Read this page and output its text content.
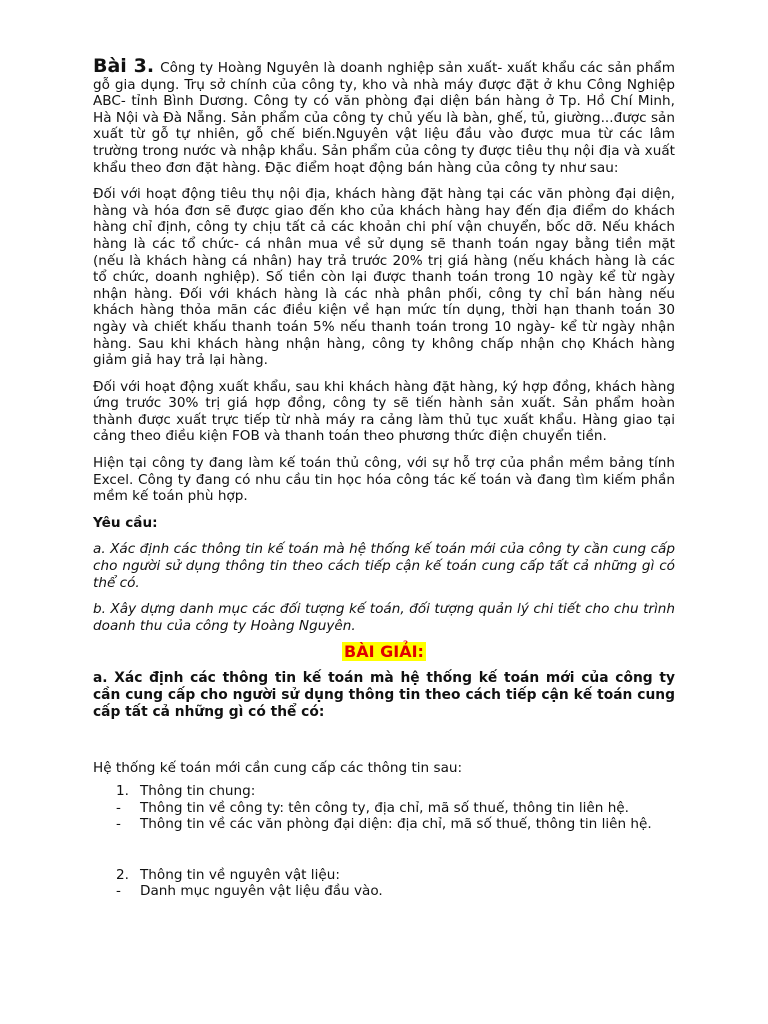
Bài 3. Công ty Hoàng Nguyên là doanh nghiệp sản xuất- xuất khẩu các sản phẩm gỗ gia dụng. Trụ sở chính của công ty, kho và nhà máy được đặt ở khu Công Nghiệp ABC- tỉnh Bình Dương. Công ty có văn phòng đại diện bán hàng ở Tp. Hồ Chí Minh, Hà Nội và Đà Nẵng. Sản phẩm của công ty chủ yếu là bàn, ghế, tủ, giường...được sản xuất từ gỗ tự nhiên, gỗ chế biến.Nguyên vật liệu đầu vào được mua từ các lâm trường trong nước và nhập khẩu. Sản phẩm của công ty được tiêu thụ nội địa và xuất khẩu theo đơn đặt hàng. Đặc điểm hoạt động bán hàng của công ty như sau:

Đối với hoạt động tiêu thụ nội địa, khách hàng đặt hàng tại các văn phòng đại diện, hàng và hóa đơn sẽ được giao đến kho của khách hàng hay đến địa điểm do khách hàng chỉ định, công ty chịu tất cả các khoản chi phí vận chuyển, bốc dỡ. Nếu khách hàng là các tổ chức- cá nhân mua về sử dụng sẽ thanh toán ngay bằng tiền mặt (nếu là khách hàng cá nhân) hay trả trước 20% trị giá hàng (nếu khách hàng là các tổ chức, doanh nghiệp). Số tiền còn lại được thanh toán trong 10 ngày kể từ ngày nhận hàng. Đối với khách hàng là các nhà phân phối, công ty chỉ bán hàng nếu khách hàng thỏa mãn các điều kiện về hạn mức tín dụng, thời hạn thanh toán 30 ngày và chiết khấu thanh toán 5% nếu thanh toán trong 10 ngày- kể từ ngày nhận hàng. Sau khi khách hàng nhận hàng, công ty không chấp nhận chọ Khách hàng giảm giả hay trả lại hàng.

Đối với hoạt động xuất khẩu, sau khi khách hàng đặt hàng, ký hợp đồng, khách hàng ứng trước 30% trị giá hợp đồng, công ty sẽ tiến hành sản xuất. Sản phẩm hoàn thành được xuất trực tiếp từ nhà máy ra cảng làm thủ tục xuất khẩu. Hàng giao tại cảng theo điều kiện FOB và thanh toán theo phương thức điện chuyển tiền.

Hiện tại công ty đang làm kế toán thủ công, với sự hỗ trợ của phần mềm bảng tính Excel. Công ty đang có nhu cầu tin học hóa công tác kế toán và đang tìm kiếm phần mềm kế toán phù hợp.

Yêu cầu:

a. Xác định các thông tin kế toán mà hệ thống kế toán mới của công ty cần cung cấp cho người sử dụng thông tin theo cách tiếp cận kế toán cung cấp tất cả những gì có thể có.

b. Xây dựng danh mục các đối tượng kế toán, đối tượng quản lý chi tiết cho chu trình doanh thu của công ty Hoàng Nguyên.

BÀI GIẢI:

a. Xác định các thông tin kế toán mà hệ thống kế toán mới của công ty cần cung cấp cho người sử dụng thông tin theo cách tiếp cận kế toán cung cấp tất cả những gì có thể có:

Hệ thống kế toán mới cần cung cấp các thông tin sau:

1. Thông tin chung:
- Thông tin về công ty: tên công ty, địa chỉ, mã số thuế, thông tin liên hệ.
- Thông tin về các văn phòng đại diện: địa chỉ, mã số thuế, thông tin liên hệ.
2. Thông tin về nguyên vật liệu:
- Danh mục nguyên vật liệu đầu vào.
